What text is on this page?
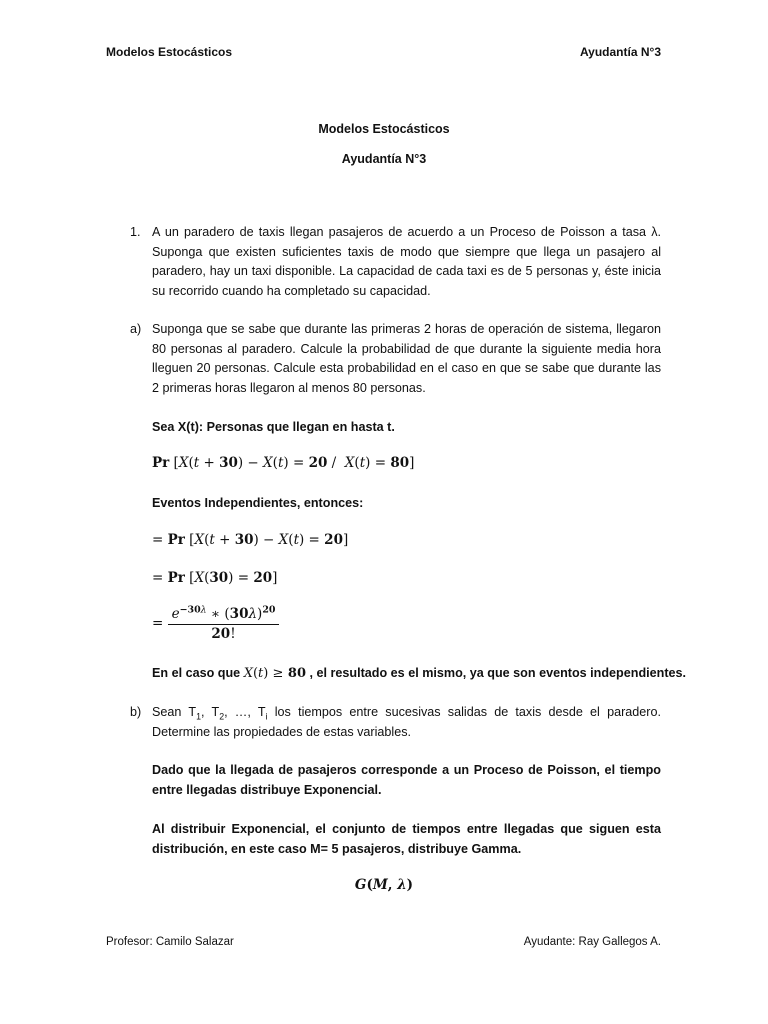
Modelos Estocásticos	Ayudantía N°3
Modelos Estocásticos
Ayudantía N°3
1. A un paradero de taxis llegan pasajeros de acuerdo a un Proceso de Poisson a tasa λ. Suponga que existen suficientes taxis de modo que siempre que llega un pasajero al paradero, hay un taxi disponible. La capacidad de cada taxi es de 5 personas y, éste inicia su recorrido cuando ha completado su capacidad.
a) Suponga que se sabe que durante las primeras 2 horas de operación de sistema, llegaron 80 personas al paradero. Calcule la probabilidad de que durante la siguiente media hora lleguen 20 personas. Calcule esta probabilidad en el caso en que se sabe que durante las 2 primeras horas llegaron al menos 80 personas.
Sea X(t): Personas que llegan en hasta t.
Pr [X(t + 30) − X(t) = 20 /  X(t) = 80]
Eventos Independientes, entonces:
= Pr [X(t + 30) − X(t) = 20]
= Pr [X(30) = 20]
= $\frac{e^{-30\lambda} ∗ (30\lambda)^{20}}{20!}$
En el caso que X(t) ≥ 80 , el resultado es el mismo, ya que son eventos independientes.
b) Sean $T_1$, $T_2$, …, $T_i$ los tiempos entre sucesivas salidas de taxis desde el paradero. Determine las propiedades de estas variables.
Dado que la llegada de pasajeros corresponde a un Proceso de Poisson, el tiempo entre llegadas distribuye Exponencial.
Al distribuir Exponencial, el conjunto de tiempos entre llegadas que siguen esta distribución, en este caso M= 5 pasajeros, distribuye Gamma.
G(M, λ)
Profesor: Camilo Salazar	Ayudante: Ray Gallegos A.
